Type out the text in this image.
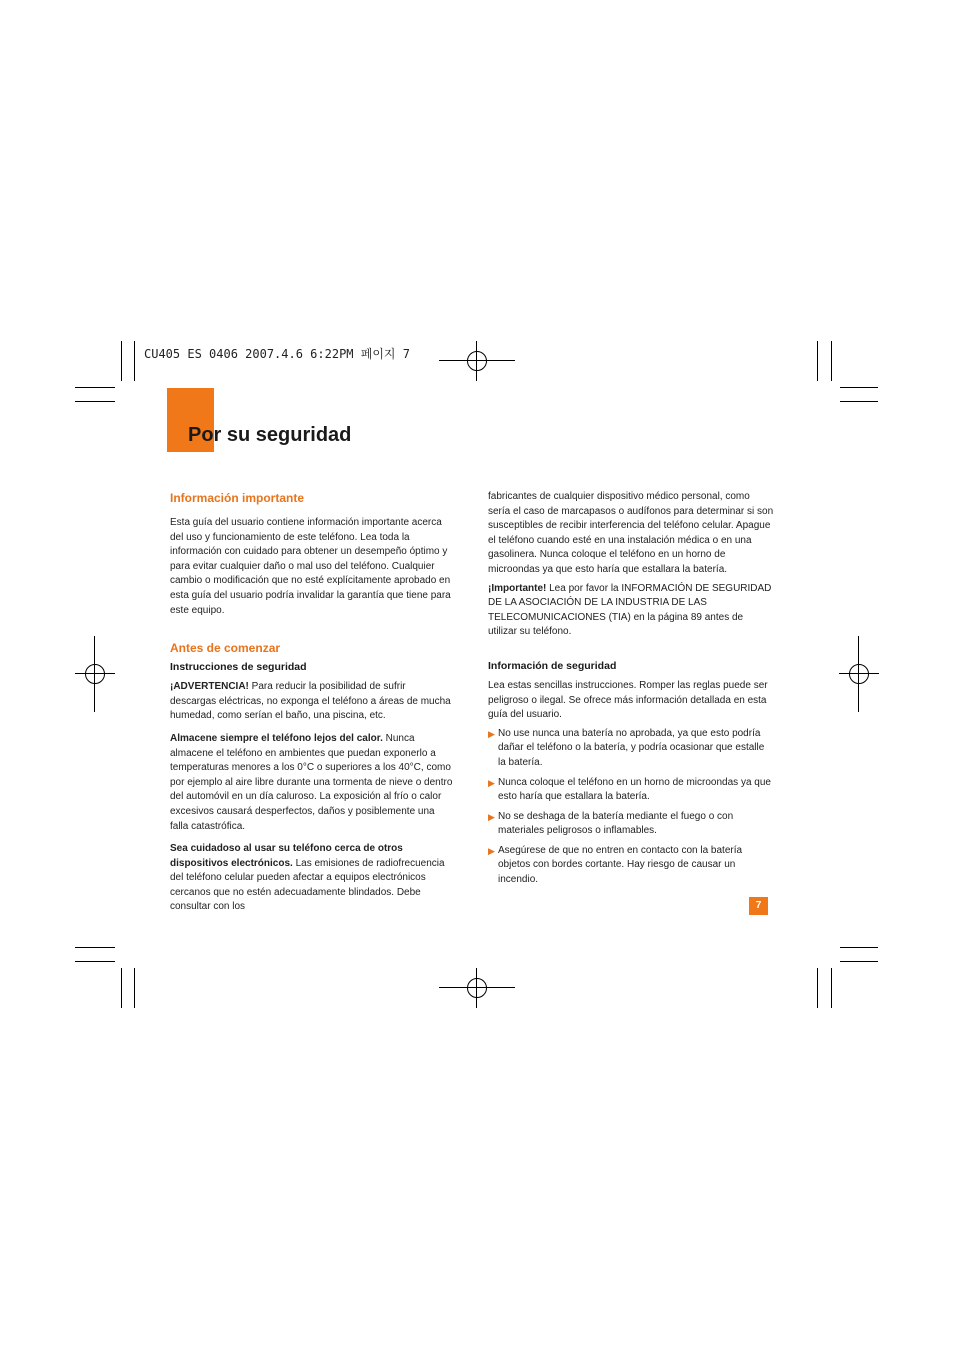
CU405 ES 0406 2007.4.6 6:22PM 페이지 7
Por su seguridad
Información importante

Esta guía del usuario contiene información importante acerca del uso y funcionamiento de este teléfono. Lea toda la información con cuidado para obtener un desempeño óptimo y para evitar cualquier daño o mal uso del teléfono. Cualquier cambio o modificación que no esté explícitamente aprobado en esta guía del usuario podría invalidar la garantía que tiene para este equipo.

Antes de comenzar
Instrucciones de seguridad

¡ADVERTENCIA! Para reducir la posibilidad de sufrir descargas eléctricas, no exponga el teléfono a áreas de mucha humedad, como serían el baño, una piscina, etc.

Almacene siempre el teléfono lejos del calor. Nunca almacene el teléfono en ambientes que puedan exponerlo a temperaturas menores a los 0°C o superiores a los 40°C, como por ejemplo al aire libre durante una tormenta de nieve o dentro del automóvil en un día caluroso. La exposición al frío o calor excesivos causará desperfectos, daños y posiblemente una falla catastrófica.

Sea cuidadoso al usar su teléfono cerca de otros dispositivos electrónicos. Las emisiones de radiofrecuencia del teléfono celular pueden afectar a equipos electrónicos cercanos que no estén adecuadamente blindados. Debe consultar con los

fabricantes de cualquier dispositivo médico personal, como sería el caso de marcapasos o audífonos para determinar si son susceptibles de recibir interferencia del teléfono celular. Apague el teléfono cuando esté en una instalación médica o en una gasolinera. Nunca coloque el teléfono en un horno de microondas ya que esto haría que estallara la batería.

¡Importante! Lea por favor la INFORMACIÓN DE SEGURIDAD DE LA ASOCIACIÓN DE LA INDUSTRIA DE LAS TELECOMUNICACIONES (TIA) en la página 89 antes de utilizar su teléfono.

Información de seguridad

Lea estas sencillas instrucciones. Romper las reglas puede ser peligroso o ilegal. Se ofrece más información detallada en esta guía del usuario.

▶ No use nunca una batería no aprobada, ya que esto podría dañar el teléfono o la batería, y podría ocasionar que estalle la batería.
▶ Nunca coloque el teléfono en un horno de microondas ya que esto haría que estallara la batería.
▶ No se deshaga de la batería mediante el fuego o con materiales peligrosos o inflamables.
▶ Asegúrese de que no entren en contacto con la batería objetos con bordes cortante. Hay riesgo de causar un incendio.
7
